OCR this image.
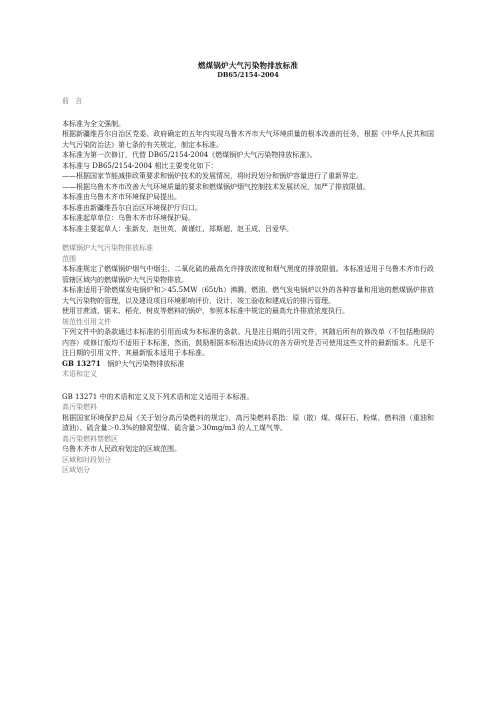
燃煤锅炉大气污染物排放标准
DB65/2154-2004

前 言

本标准为全文强制。

根据新疆维吾尔自治区党委、政府确定的五年内实现乌鲁木齐市大气环境质量的根本改善的任务，根据《中华人民共和国大气污染防治法》第七条的有关规定，制定本标准。

本标准为第一次修订，代替 DB65/2154-2004《燃煤锅炉大气污染物排放标准》。

本标准与 DB65/2154-2004 相比主要变化如下：

——根据国家节能减排政策要求和锅炉技术的发展情况，将时段划分和锅炉容量进行了重新界定。

——根据乌鲁木齐市改善大气环境质量的要求和燃煤锅炉烟气控制技术发展状况，加严了排放限值。

本标准由乌鲁木齐市环境保护局提出。

本标准由新疆维吾尔自治区环境保护厅归口。

本标准起草单位：乌鲁木齐市环境保护局。

本标准主要起草人：张新友、赵世英、黄谨红、郑斯超、赵玉成、吕爱华。

燃煤锅炉大气污染物排放标准

范围

本标准规定了燃煤锅炉烟气中烟尘、二氧化硫的最高允许排放浓度和烟气黑度的排放限值。本标准适用于乌鲁木齐市行政管辖区域内的燃煤锅炉大气污染物排放。

本标准适用于除燃煤发电锅炉和＞45.5MW（65t/h）沸腾、燃油、燃气发电锅炉以外的各种容量和用途的燃煤锅炉排放大气污染物的管理，以及建设项目环境影响评价、设计、竣工验收和建成后的排污管理。

使用甘蔗渣、锯末、稻壳、树皮等燃料的锅炉，参照本标准中规定的最高允许排放浓度执行。

规范性引用文件

下列文件中的条款通过本标准的引用而成为本标准的条款。凡是注日期的引用文件，其随后所有的修改单（不包括勘误的内容）或修订版均不适用于本标准，然而，鼓励根据本标准达成协议的各方研究是否可使用这些文件的最新版本。凡是不注日期的引用文件，其最新版本适用于本标准。

GB 13271 锅炉大气污染物排放标准

术语和定义

GB 13271 中的术语和定义及下列术语和定义适用于本标准。

高污染燃料

根据国家环境保护总局《关于划分高污染燃料的规定》，高污染燃料系指：原（散）煤、煤矸石、粉煤、燃料油（重油和渣油）、硫含量＞0.3%的蜂窝型煤、硫含量＞30mg/m3 的人工煤气等。

高污染燃料禁燃区

乌鲁木齐市人民政府划定的区域范围。

区域和时段划分

区域划分
